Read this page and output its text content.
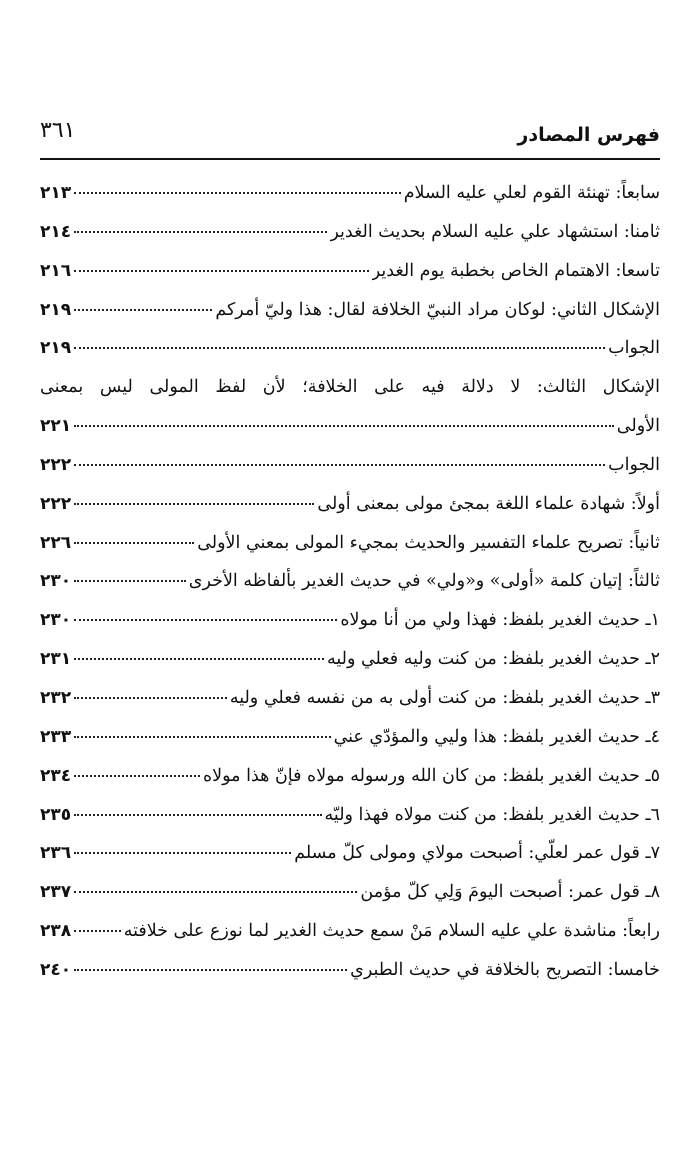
فهرس المصادر
٣٦١
سابعاً: تهنئة القوم لعلي عليه السلام
٢١٣
ثامنا: استشهاد علي عليه السلام بحديث الغدير
٢١٤
تاسعا: الاهتمام الخاص بخطبة يوم الغدير
٢١٦
الإشكال الثاني: لوكان مراد النبيّ الخلافة لقال: هذا وليّ أمركم
٢١٩
الجواب
٢١٩
الإشكال الثالث: لا دلالة فيه على الخلافة؛ لأن لفظ المولى ليس بمعنى
الأولى
٢٢١
الجواب
٢٢٢
أولاً: شهادة علماء اللغة بمجئ مولى بمعنى أولى
٢٢٢
ثانياً: تصريح علماء التفسير والحديث بمجيء المولى بمعني الأولى
٢٢٦
ثالثاً: إتيان كلمة «أولى» و«ولي» في حديث الغدير بألفاظه الأخرى
٢٣٠
١ـ حديث الغدير بلفظ: فهذا ولي من أنا مولاه
٢٣٠
٢ـ حديث الغدير بلفظ: من كنت وليه فعلي وليه
٢٣١
٣ـ حديث الغدير بلفظ: من كنت أولى به من نفسه فعلي وليه
٢٣٢
٤ـ حديث الغدير بلفظ: هذا وليي والمؤدّي عني
٢٣٣
٥ـ حديث الغدير بلفظ: من كان الله ورسوله مولاه فإنّ هذا مولاه
٢٣٤
٦ـ حديث الغدير بلفظ: من كنت مولاه فهذا وليّه
٢٣٥
٧ـ قول عمر لعلّي: أصبحت مولاي ومولى كلّ مسلم
٢٣٦
٨ـ قول عمر: أصبحت اليومَ وَلِي كلّ مؤمن
٢٣٧
رابعاً: مناشدة علي عليه السلام مَنْ سمع حديث الغدير لما نوزع على خلافته
٢٣٨
خامسا: التصريح بالخلافة في حديث الطبري
٢٤٠
